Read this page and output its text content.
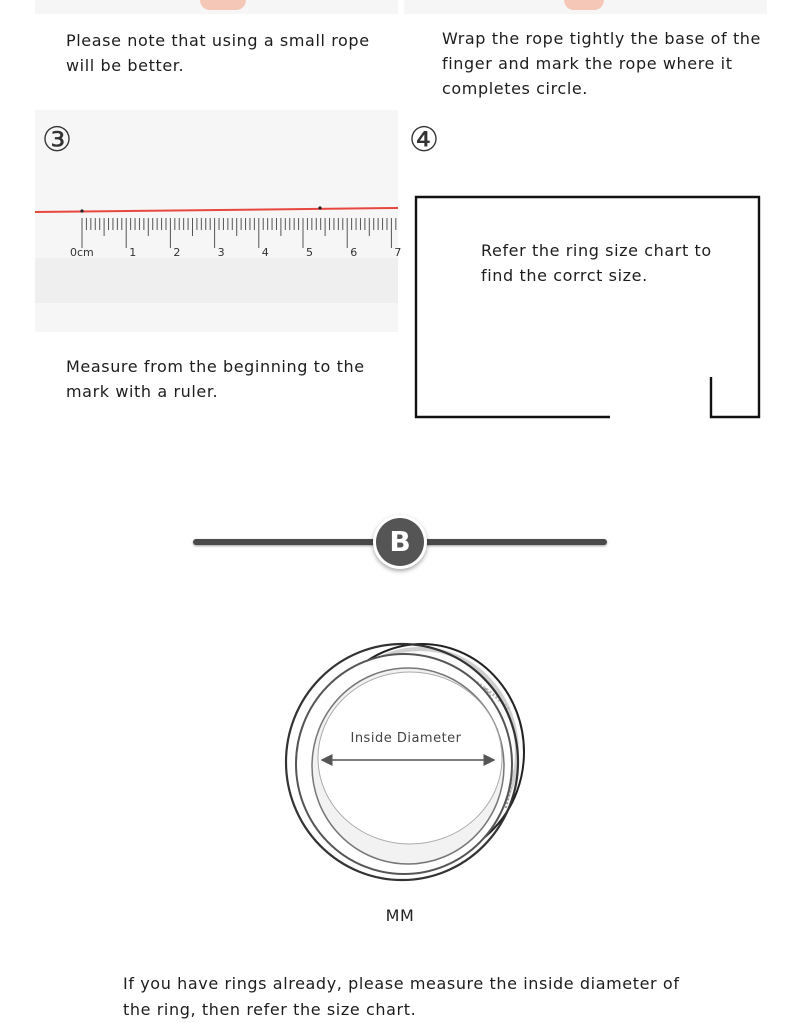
Please note that using a small rope will be better.
Wrap the rope tightly the base of the finger and mark the rope where it completes circle.
③
0cm	1	2	3	4	5	6	7
Measure from the beginning to the mark with a ruler.
④
Refer the ring size chart to find the corrct size.
B
Inside Diameter
MM
If you have rings already, please measure the inside diameter of the ring, then refer the size chart.
